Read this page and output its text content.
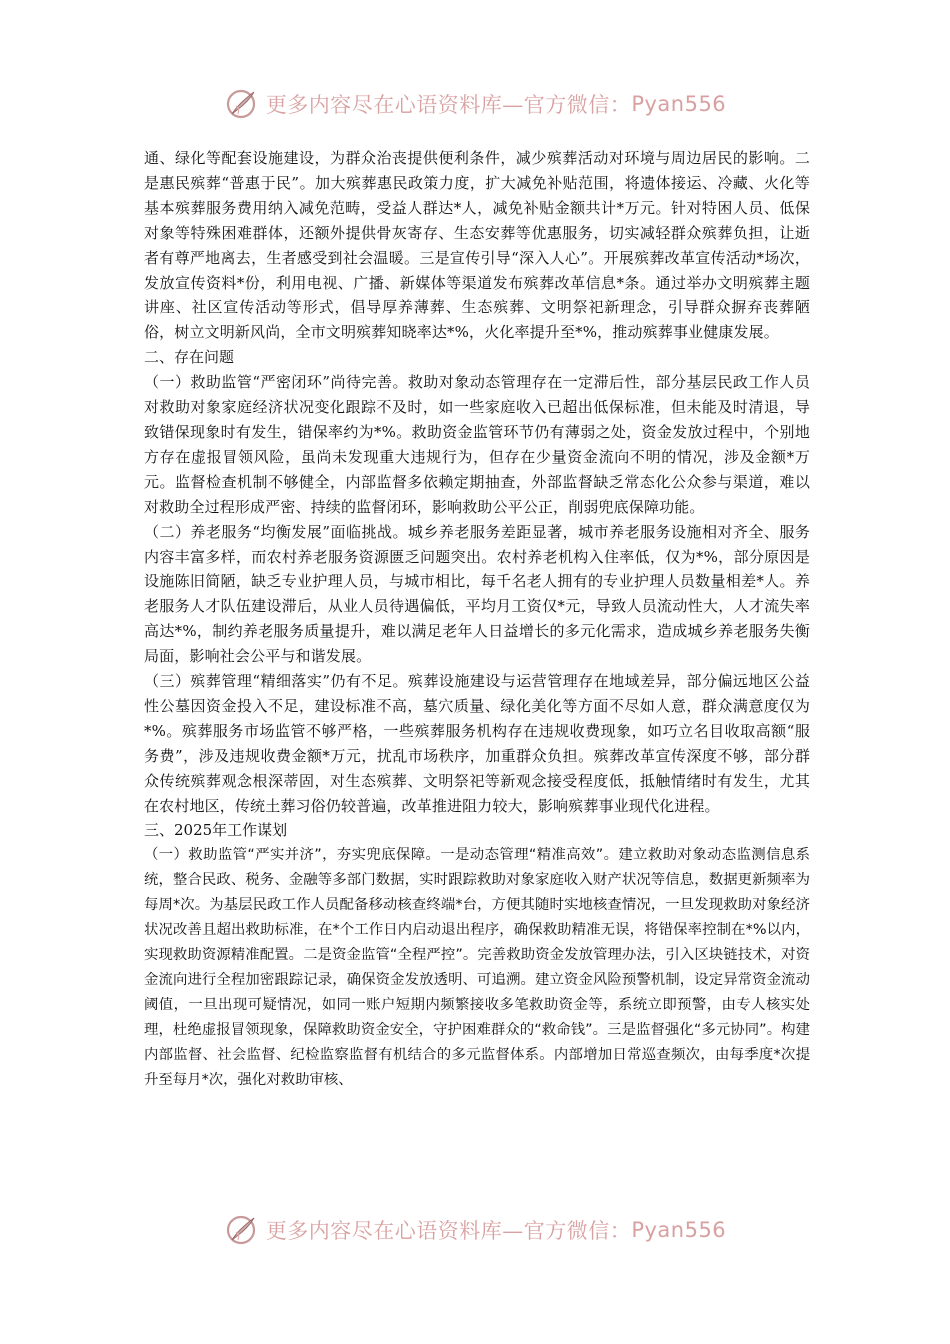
更多内容尽在心语资料库—官方微信： Pyan556

通、绿化等配套设施建设，为群众治丧提供便利条件，减少殡葬活动对环境与周边居民的影响。二是惠民殡葬“普惠于民”。加大殡葬惠民政策力度，扩大减免补贴范围，将遗体接运、冷藏、火化等基本殡葬服务费用纳入减免范畴，受益人群达*人，减免补贴金额共计*万元。针对特困人员、低保对象等特殊困难群体，还额外提供骨灰寄存、生态安葬等优惠服务，切实减轻群众殡葬负担，让逝者有尊严地离去，生者感受到社会温暖。三是宣传引导“深入人心”。开展殡葬改革宣传活动*场次，发放宣传资料*份，利用电视、广播、新媒体等渠道发布殡葬改革信息*条。通过举办文明殡葬主题讲座、社区宣传活动等形式，倡导厚养薄葬、生态殡葬、文明祭祀新理念，引导群众摒弃丧葬陋俗，树立文明新风尚，全市文明殡葬知晓率达*%，火化率提升至*%，推动殡葬事业健康发展。

二、存在问题

（一）救助监管“严密闭环”尚待完善。救助对象动态管理存在一定滞后性，部分基层民政工作人员对救助对象家庭经济状况变化跟踪不及时，如一些家庭收入已超出低保标准，但未能及时清退，导致错保现象时有发生，错保率约为*%。救助资金监管环节仍有薄弱之处，资金发放过程中，个别地方存在虚报冒领风险，虽尚未发现重大违规行为，但存在少量资金流向不明的情况，涉及金额*万元。监督检查机制不够健全，内部监督多依赖定期抽查，外部监督缺乏常态化公众参与渠道，难以对救助全过程形成严密、持续的监督闭环，影响救助公平公正，削弱兜底保障功能。

（二）养老服务“均衡发展”面临挑战。城乡养老服务差距显著，城市养老服务设施相对齐全、服务内容丰富多样，而农村养老服务资源匮乏问题突出。农村养老机构入住率低，仅为*%，部分原因是设施陈旧简陋，缺乏专业护理人员，与城市相比，每千名老人拥有的专业护理人员数量相差*人。养老服务人才队伍建设滞后，从业人员待遇偏低，平均月工资仅*元，导致人员流动性大，人才流失率高达*%，制约养老服务质量提升，难以满足老年人日益增长的多元化需求，造成城乡养老服务失衡局面，影响社会公平与和谐发展。

（三）殡葬管理“精细落实”仍有不足。殡葬设施建设与运营管理存在地域差异，部分偏远地区公益性公墓因资金投入不足，建设标准不高，墓穴质量、绿化美化等方面不尽如人意，群众满意度仅为*%。殡葬服务市场监管不够严格，一些殡葬服务机构存在违规收费现象，如巧立名目收取高额“服务费”，涉及违规收费金额*万元，扰乱市场秩序，加重群众负担。殡葬改革宣传深度不够，部分群众传统殡葬观念根深蒂固，对生态殡葬、文明祭祀等新观念接受程度低，抵触情绪时有发生，尤其在农村地区，传统土葬习俗仍较普遍，改革推进阻力较大，影响殡葬事业现代化进程。

三、2025年工作谋划

（一）救助监管“严实并济”，夯实兜底保障。一是动态管理“精准高效”。建立救助对象动态监测信息系统，整合民政、税务、金融等多部门数据，实时跟踪救助对象家庭收入财产状况等信息，数据更新频率为每周*次。为基层民政工作人员配备移动核查终端*台，方便其随时实地核查情况，一旦发现救助对象经济状况改善且超出救助标准，在*个工作日内启动退出程序，确保救助精准无误，将错保率控制在*%以内，实现救助资源精准配置。二是资金监管“全程严控”。完善救助资金发放管理办法，引入区块链技术，对资金流向进行全程加密跟踪记录，确保资金发放透明、可追溯。建立资金风险预警机制，设定异常资金流动阈值，一旦出现可疑情况，如同一账户短期内频繁接收多笔救助资金等，系统立即预警，由专人核实处理，杜绝虚报冒领现象，保障救助资金安全，守护困难群众的“救命钱”。三是监督强化“多元协同”。构建内部监督、社会监督、纪检监察监督有机结合的多元监督体系。内部增加日常巡查频次，由每季度*次提升至每月*次，强化对救助审核、

更多内容尽在心语资料库—官方微信： Pyan556
